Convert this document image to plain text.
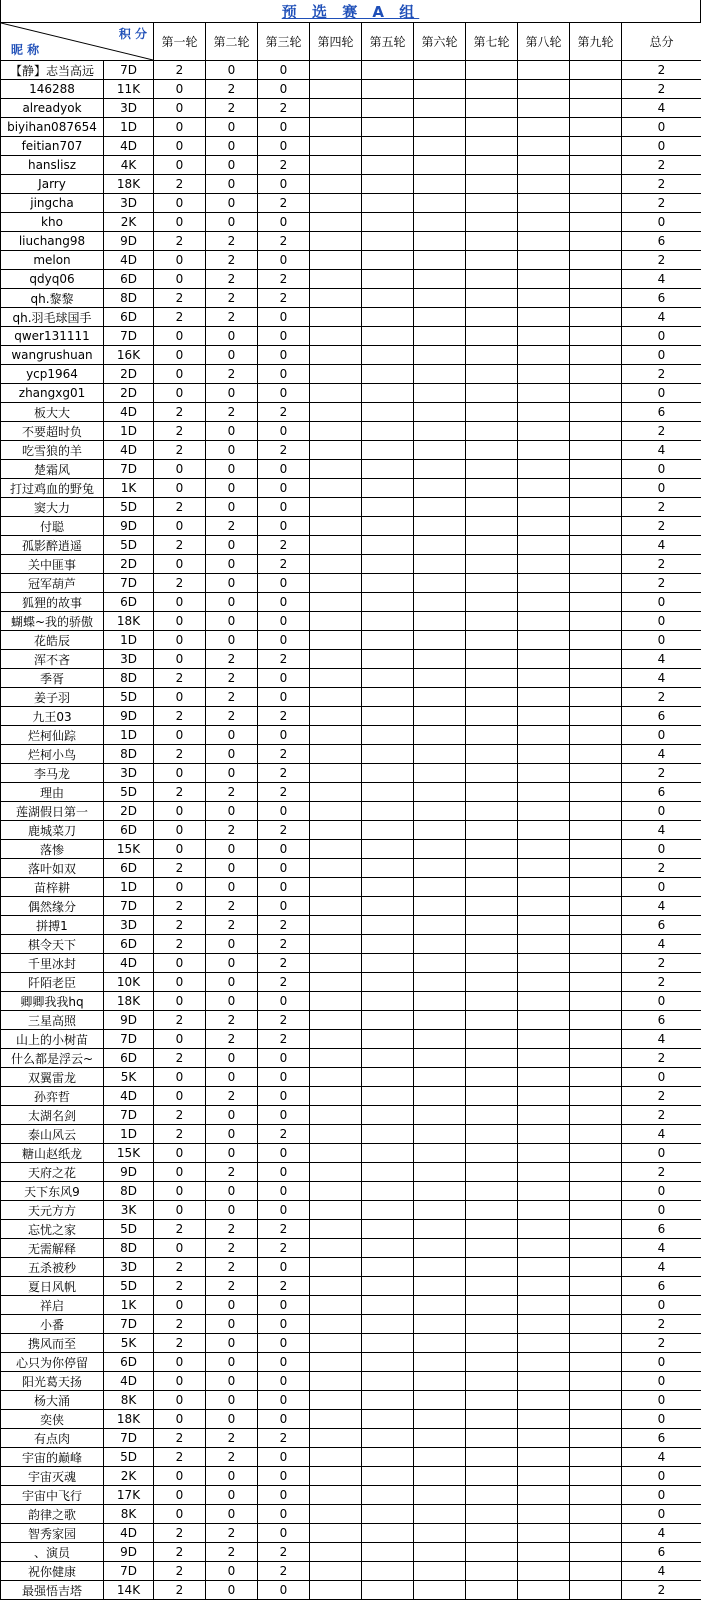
预 选 赛 A 组
积 分
昵 称		第一轮	第二轮	第三轮	第四轮	第五轮	第六轮	第七轮	第八轮	第九轮	总分
【静】志当高远	7D	2	0	0							2
146288	11K	0	2	0							2
alreadyok	3D	0	2	2							4
biyihan087654	1D	0	0	0							0
feitian707	4D	0	0	0							0
hanslisz	4K	0	0	2							2
Jarry	18K	2	0	0							2
jingcha	3D	0	0	2							2
kho	2K	0	0	0							0
liuchang98	9D	2	2	2							6
melon	4D	0	2	0							2
qdyq06	6D	0	2	2							4
qh.黎黎	8D	2	2	2							6
qh.羽毛球国手	6D	2	2	0							4
qwer131111	7D	0	0	0							0
wangrushuan	16K	0	0	0							0
ycp1964	2D	0	2	0							2
zhangxg01	2D	0	0	0							0
板大大	4D	2	2	2							6
不要超时负	1D	2	0	0							2
吃雪狼的羊	4D	2	0	2							4
楚霜风	7D	0	0	0							0
打过鸡血的野兔	1K	0	0	0							0
窦大力	5D	2	0	0							2
付聪	9D	0	2	0							2
孤影醉逍遥	5D	2	0	2							4
关中匪事	2D	0	0	2							2
冠军葫芦	7D	2	0	0							2
狐狸的故事	6D	0	0	0							0
蝴蝶~我的骄傲	18K	0	0	0							0
花皓辰	1D	0	0	0							0
浑不吝	3D	0	2	2							4
季胥	8D	2	2	0							4
姜子羽	5D	0	2	0							2
九王03	9D	2	2	2							6
烂柯仙踪	1D	0	0	0							0
烂柯小鸟	8D	2	0	2							4
李马龙	3D	0	0	2							2
理由	5D	2	2	2							6
莲湖假日第一	2D	0	0	0							0
鹿城菜刀	6D	0	2	2							4
落惨	15K	0	0	0							0
落叶如双	6D	2	0	0							2
苗梓耕	1D	0	0	0							0
偶然缘分	7D	2	2	0							4
拼搏1	3D	2	2	2							6
棋令天下	6D	2	0	2							4
千里冰封	4D	0	0	2							2
阡陌老臣	10K	0	0	2							2
卿卿我我hq	18K	0	0	0							0
三星高照	9D	2	2	2							6
山上的小树苗	7D	0	2	2							4
什么都是浮云~	6D	2	0	0							2
双翼雷龙	5K	0	0	0							0
孙弈哲	4D	0	2	0							2
太湖名剑	7D	2	0	0							2
泰山风云	1D	2	0	2							4
糖山赵纸龙	15K	0	0	0							0
天府之花	9D	0	2	0							2
天下东风9	8D	0	0	0							0
天元方方	3K	0	0	0							0
忘忧之家	5D	2	2	2							6
无需解释	8D	0	2	2							4
五杀被秒	3D	2	2	0							4
夏日风帆	5D	2	2	2							6
祥启	1K	0	0	0							0
小番	7D	2	0	0							2
携风而至	5K	2	0	0							2
心只为你停留	6D	0	0	0							0
阳光葛天扬	4D	0	0	0							0
杨大涌	8K	0	0	0							0
奕侠	18K	0	0	0							0
有点肉	7D	2	2	2							6
宇宙的巅峰	5D	2	2	0							4
宇宙灭魂	2K	0	0	0							0
宇宙中飞行	17K	0	0	0							0
韵律之歌	8K	0	0	0							0
智秀家园	4D	2	2	0							4
、演员	9D	2	2	2							6
祝你健康	7D	2	0	2							4
最强悟吉塔	14K	2	0	0							2
